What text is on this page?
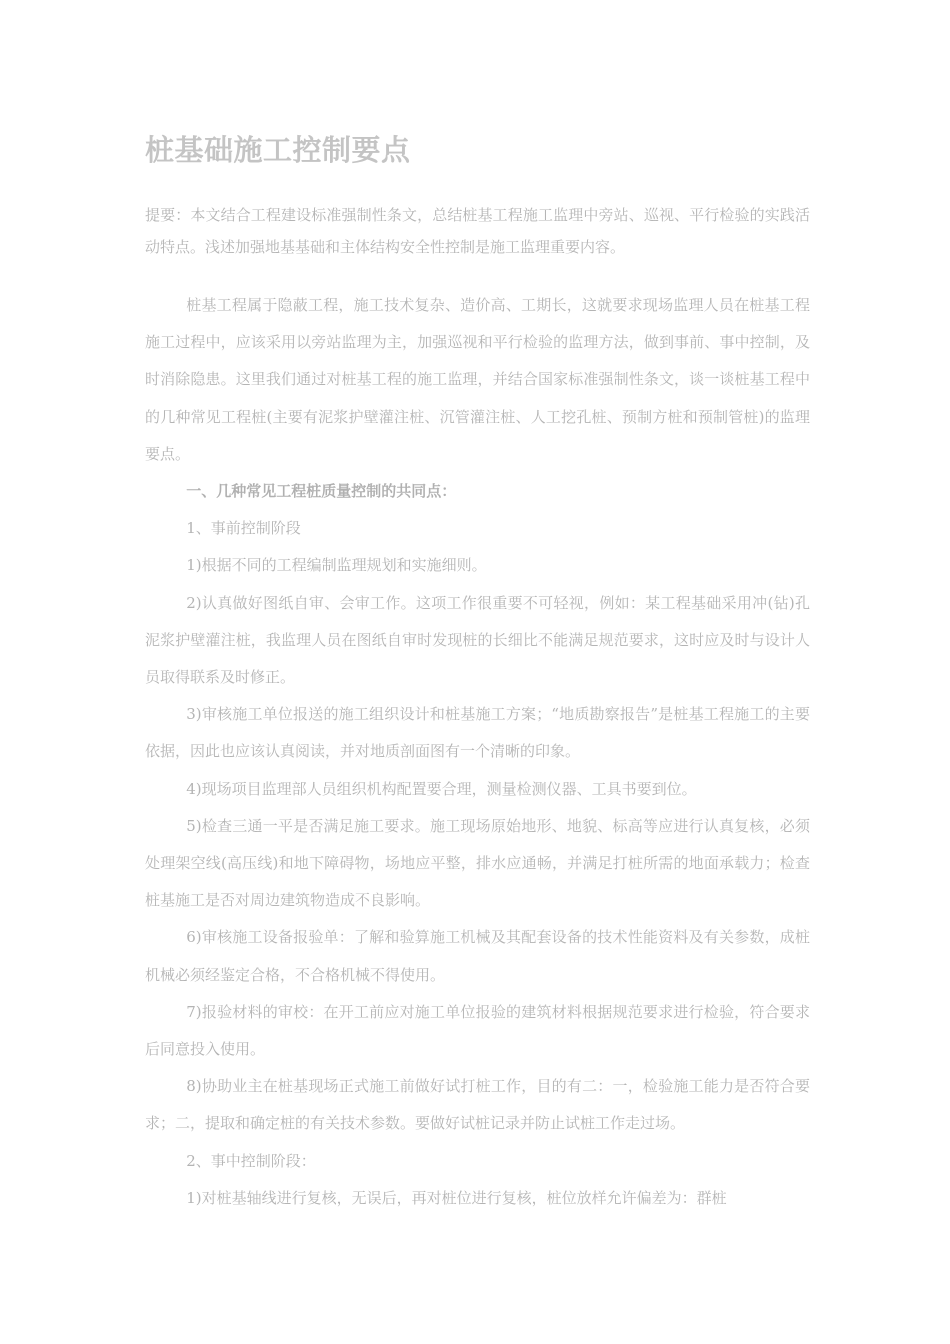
桩基础施工控制要点
提要：本文结合工程建设标准强制性条文，总结桩基工程施工监理中旁站、巡视、平行检验的实践活动特点。浅述加强地基基础和主体结构安全性控制是施工监理重要内容。

桩基工程属于隐蔽工程，施工技术复杂、造价高、工期长，这就要求现场监理人员在桩基工程施工过程中，应该采用以旁站监理为主，加强巡视和平行检验的监理方法，做到事前、事中控制，及时消除隐患。这里我们通过对桩基工程的施工监理，并结合国家标准强制性条文，谈一谈桩基工程中的几种常见工程桩(主要有泥浆护壁灌注桩、沉管灌注桩、人工挖孔桩、预制方桩和预制管桩)的监理要点。

一、几种常见工程桩质量控制的共同点：

1、事前控制阶段

1)根据不同的工程编制监理规划和实施细则。

2)认真做好图纸自审、会审工作。这项工作很重要不可轻视，例如：某工程基础采用冲(钻)孔泥浆护壁灌注桩，我监理人员在图纸自审时发现桩的长细比不能满足规范要求，这时应及时与设计人员取得联系及时修正。

3)审核施工单位报送的施工组织设计和桩基施工方案；“地质勘察报告”是桩基工程施工的主要依据，因此也应该认真阅读，并对地质剖面图有一个清晰的印象。

4)现场项目监理部人员组织机构配置要合理，测量检测仪器、工具书要到位。

5)检查三通一平是否满足施工要求。施工现场原始地形、地貌、标高等应进行认真复核，必须处理架空线(高压线)和地下障碍物，场地应平整，排水应通畅，并满足打桩所需的地面承载力；检查桩基施工是否对周边建筑物造成不良影响。

6)审核施工设备报验单：了解和验算施工机械及其配套设备的技术性能资料及有关参数，成桩机械必须经鉴定合格，不合格机械不得使用。

7)报验材料的审校：在开工前应对施工单位报验的建筑材料根据规范要求进行检验，符合要求后同意投入使用。

8)协助业主在桩基现场正式施工前做好试打桩工作，目的有二：一，检验施工能力是否符合要求；二，提取和确定桩的有关技术参数。要做好试桩记录并防止试桩工作走过场。

2、事中控制阶段：

1)对桩基轴线进行复核，无误后，再对桩位进行复核，桩位放样允许偏差为：群桩
